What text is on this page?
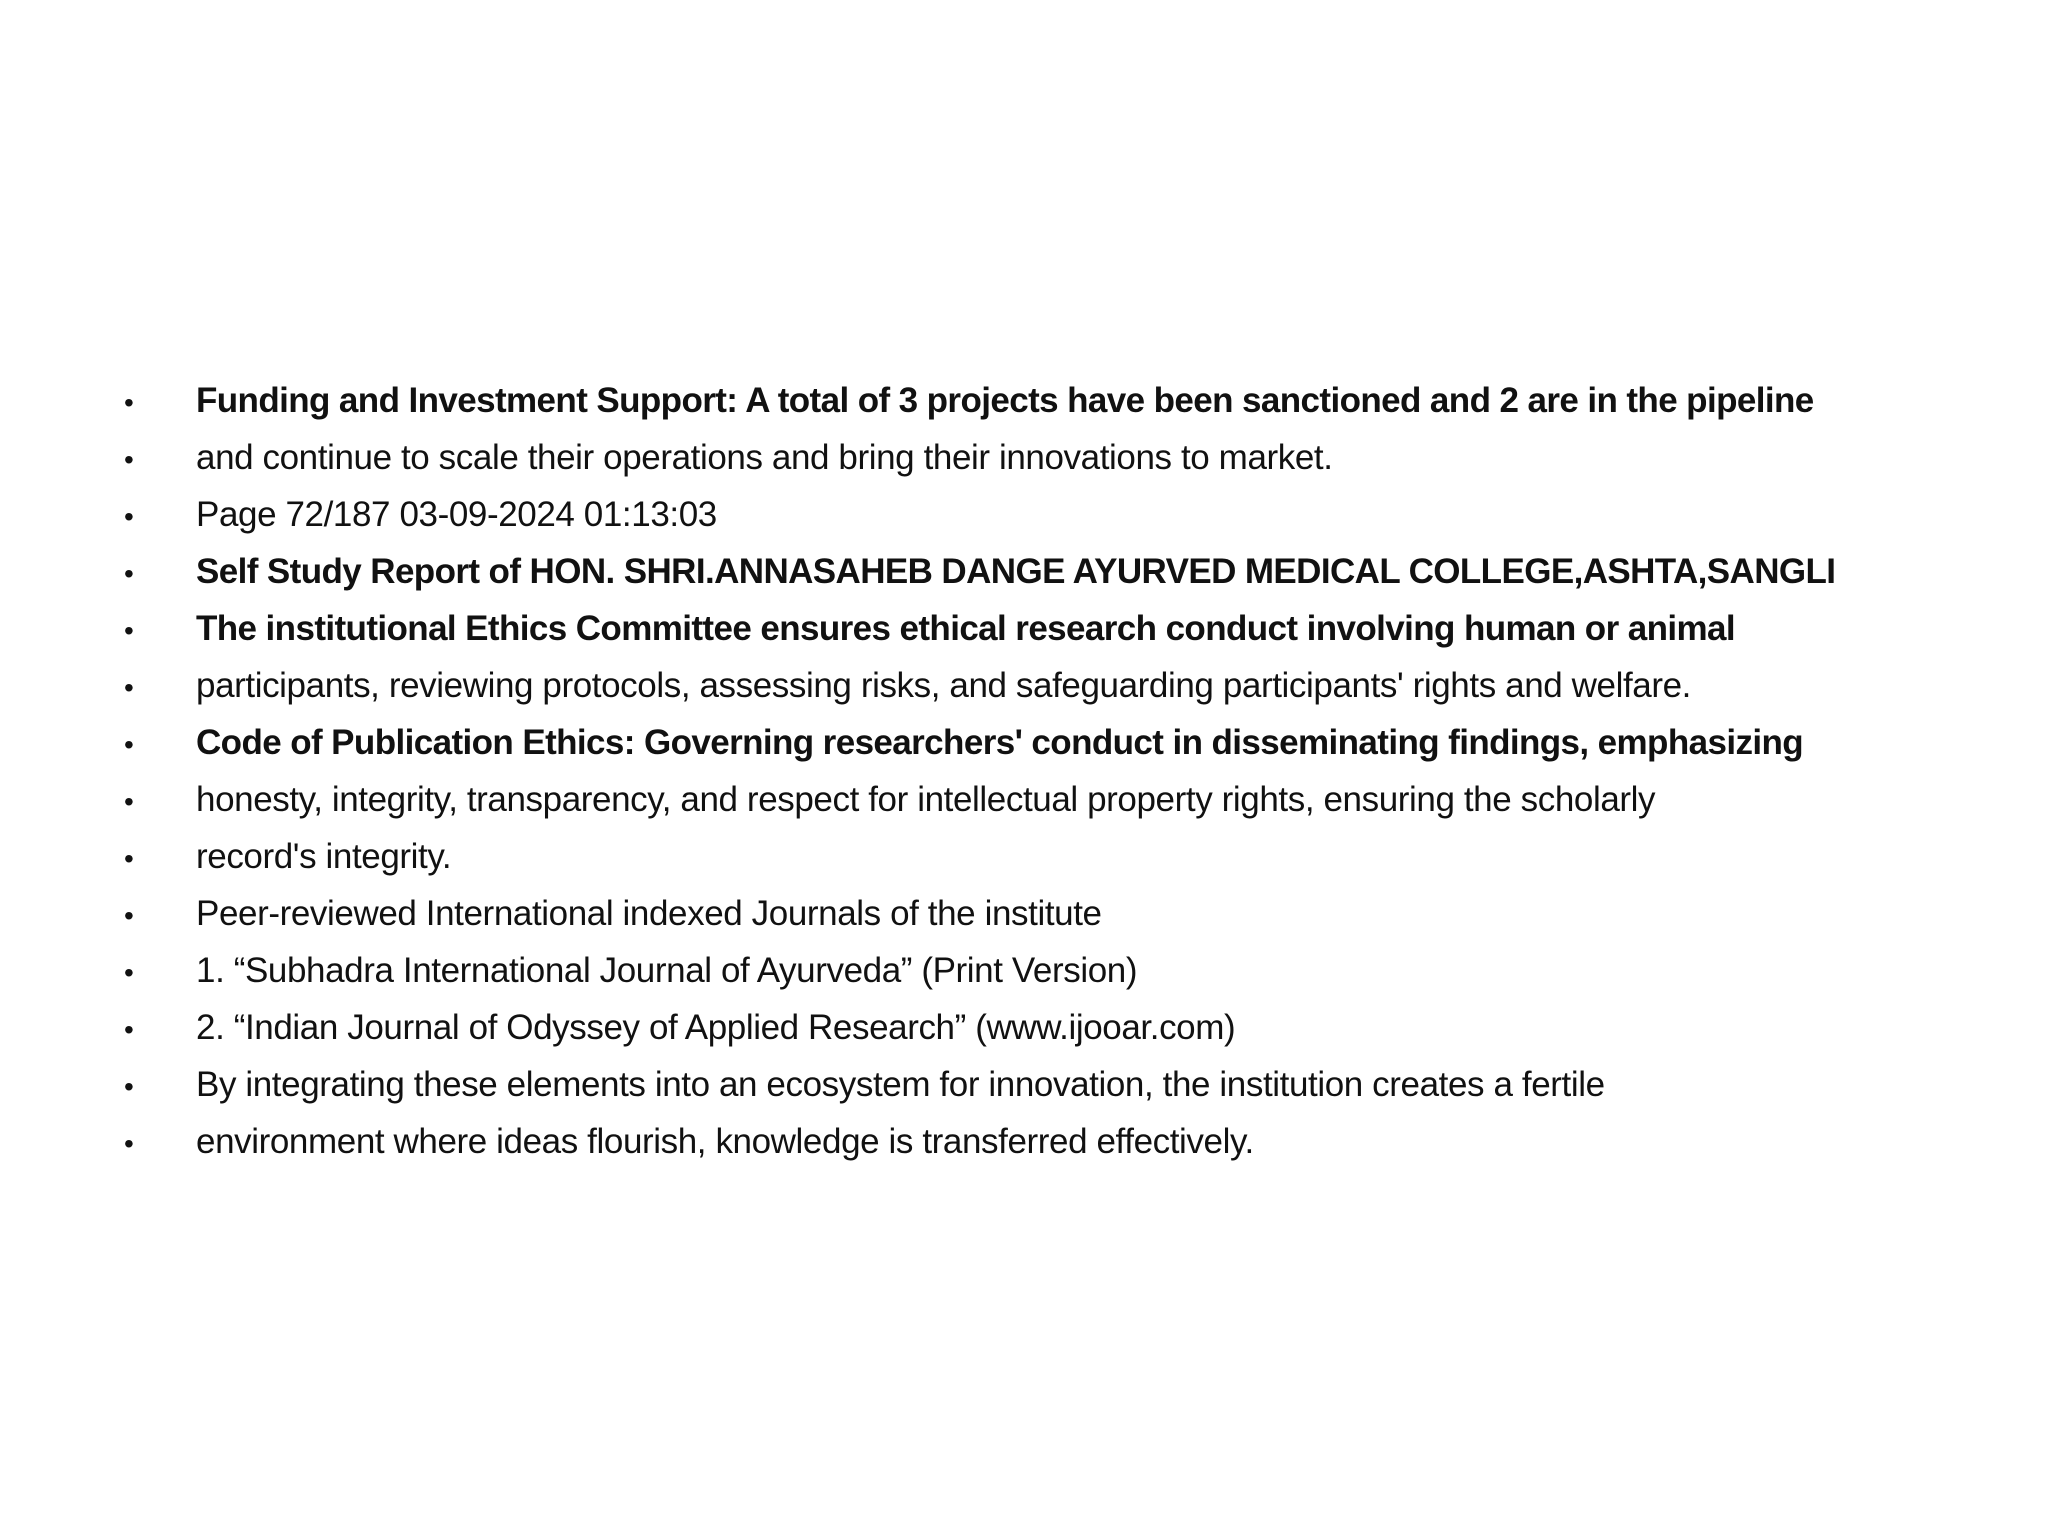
•	Funding and Investment Support: A total of 3 projects have been sanctioned and 2 are in the pipeline
•	and continue to scale their operations and bring their innovations to market.
•	Page 72/187 03-09-2024 01:13:03
•	Self Study Report of HON. SHRI.ANNASAHEB DANGE AYURVED MEDICAL COLLEGE,ASHTA,SANGLI
•	The institutional Ethics Committee ensures ethical research conduct involving human or animal
•	participants, reviewing protocols, assessing risks, and safeguarding participants' rights and welfare.
•	Code of Publication Ethics: Governing researchers' conduct in disseminating findings, emphasizing
•	honesty, integrity, transparency, and respect for intellectual property rights, ensuring the scholarly
•	record's integrity.
•	Peer-reviewed International indexed Journals of the institute
•	1. “Subhadra International Journal of Ayurveda” (Print Version)
•	2. “Indian Journal of Odyssey of Applied Research” (www.ijooar.com)
•	By integrating these elements into an ecosystem for innovation, the institution creates a fertile
•	environment where ideas flourish, knowledge is transferred effectively.
